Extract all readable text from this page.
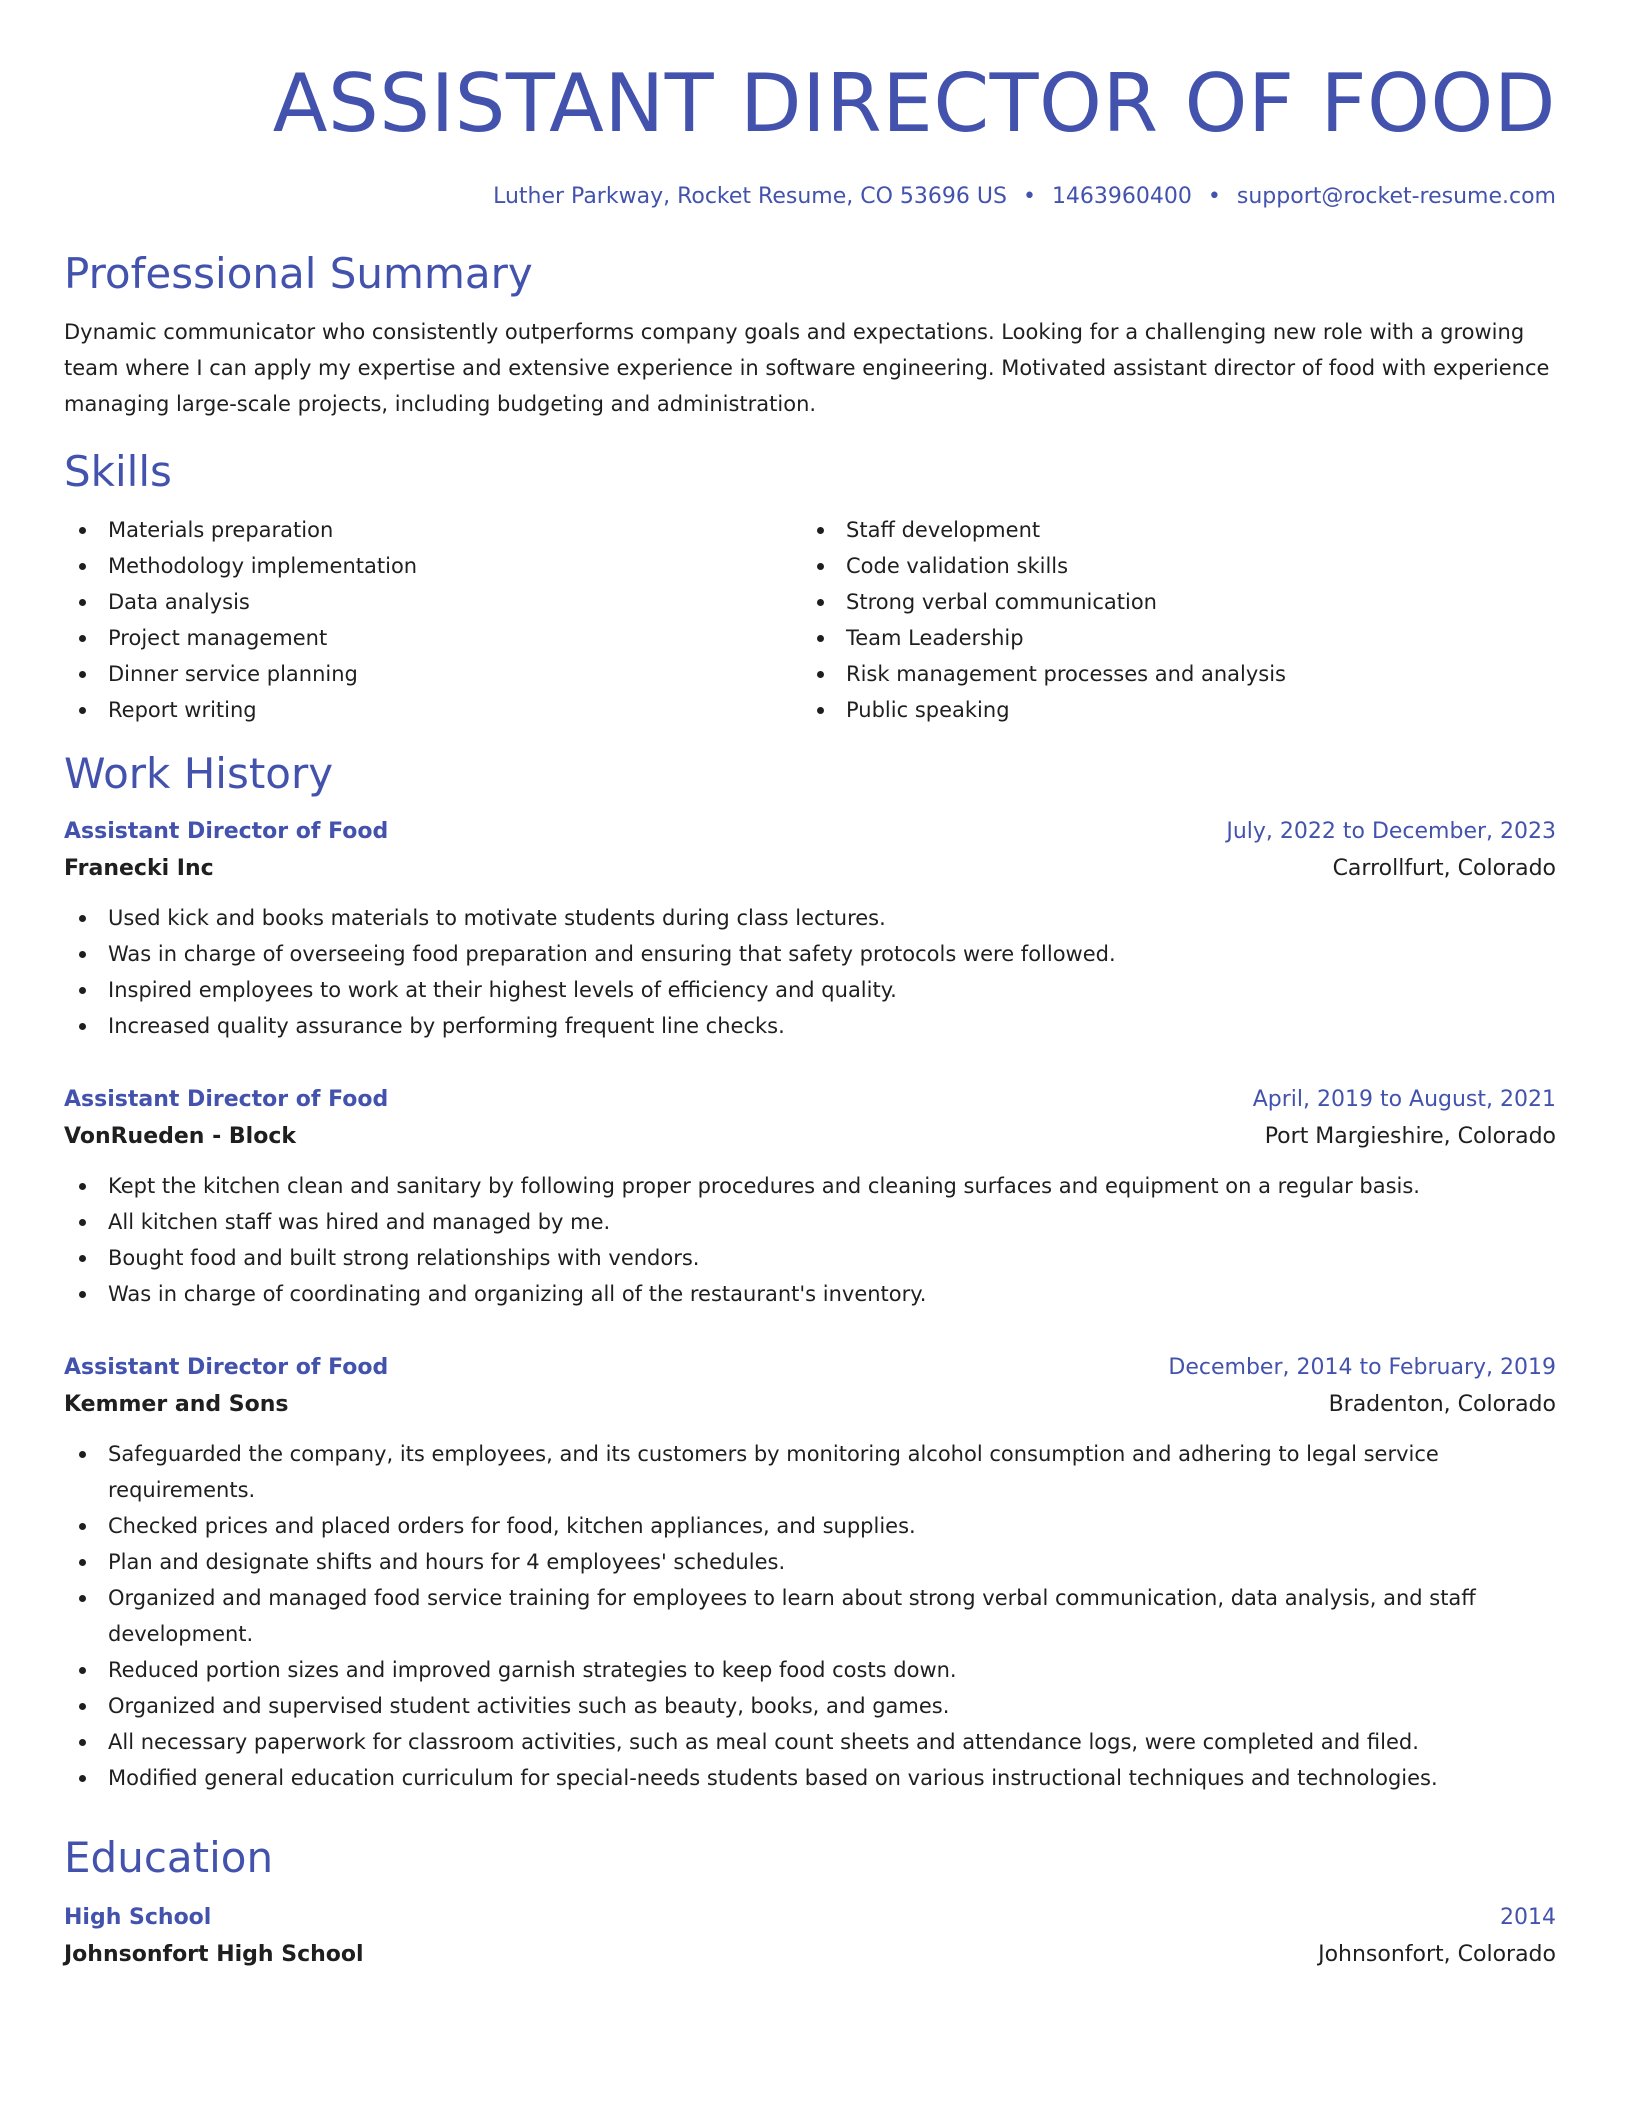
ASSISTANT DIRECTOR OF FOOD
Luther Parkway, Rocket Resume, CO 53696 US • 1463960400 • support@rocket-resume.com
Professional Summary

Dynamic communicator who consistently outperforms company goals and expectations. Looking for a challenging new role with a growing team where I can apply my expertise and extensive experience in software engineering. Motivated assistant director of food with experience managing large-scale projects, including budgeting and administration.

Skills
Materials preparation
Methodology implementation
Data analysis
Project management
Dinner service planning
Report writing
Staff development
Code validation skills
Strong verbal communication
Team Leadership
Risk management processes and analysis
Public speaking
Work History
Assistant Director of Food	July, 2022 to December, 2023
Franecki Inc	Carrollfurt, Colorado
Used kick and books materials to motivate students during class lectures.
Was in charge of overseeing food preparation and ensuring that safety protocols were followed.
Inspired employees to work at their highest levels of efficiency and quality.
Increased quality assurance by performing frequent line checks.
Assistant Director of Food	April, 2019 to August, 2021
VonRueden - Block	Port Margieshire, Colorado
Kept the kitchen clean and sanitary by following proper procedures and cleaning surfaces and equipment on a regular basis.
All kitchen staff was hired and managed by me.
Bought food and built strong relationships with vendors.
Was in charge of coordinating and organizing all of the restaurant's inventory.
Assistant Director of Food	December, 2014 to February, 2019
Kemmer and Sons	Bradenton, Colorado
Safeguarded the company, its employees, and its customers by monitoring alcohol consumption and adhering to legal service requirements.
Checked prices and placed orders for food, kitchen appliances, and supplies.
Plan and designate shifts and hours for 4 employees' schedules.
Organized and managed food service training for employees to learn about strong verbal communication, data analysis, and staff development.
Reduced portion sizes and improved garnish strategies to keep food costs down.
Organized and supervised student activities such as beauty, books, and games.
All necessary paperwork for classroom activities, such as meal count sheets and attendance logs, were completed and filed.
Modified general education curriculum for special-needs students based on various instructional techniques and technologies.
Education
High School	2014
Johnsonfort High School	Johnsonfort, Colorado
